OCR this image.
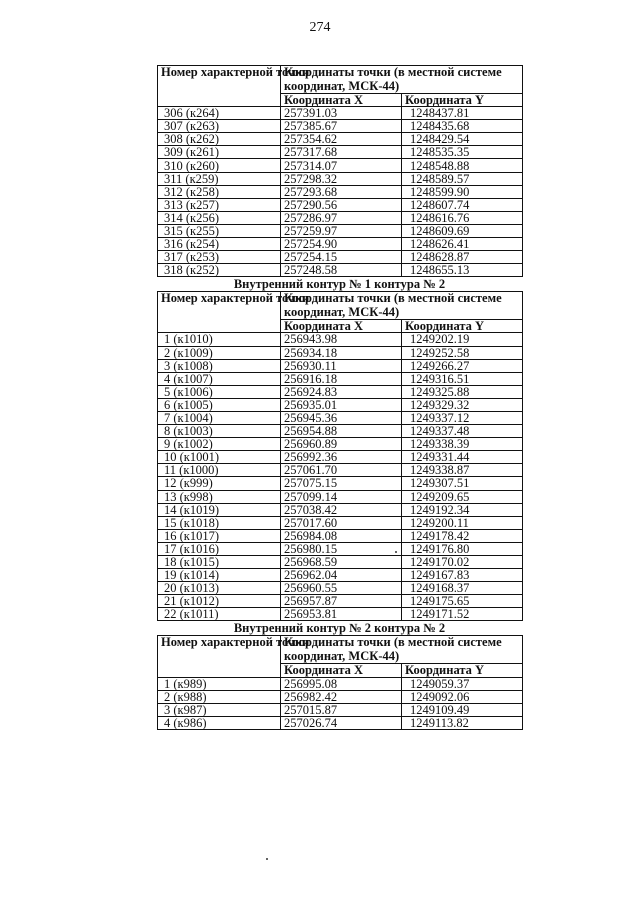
274
Номер характерной точки	Координаты точки (в местной системе координат, МСК-44)	
	Координата X	Координата Y
306 (к264)	257391.03	1248437.81
307 (к263)	257385.67	1248435.68
308 (к262)	257354.62	1248429.54
309 (к261)	257317.68	1248535.35
310 (к260)	257314.07	1248548.88
311 (к259)	257298.32	1248589.57
312 (к258)	257293.68	1248599.90
313 (к257)	257290.56	1248607.74
314 (к256)	257286.97	1248616.76
315 (к255)	257259.97	1248609.69
316 (к254)	257254.90	1248626.41
317 (к253)	257254.15	1248628.87
318 (к252)	257248.58	1248655.13
Внутренний контур № 1 контура № 2
Номер характерной точки	Координаты точки (в местной системе координат, МСК-44)	
	Координата X	Координата Y
1 (к1010)	256943.98	1249202.19
2 (к1009)	256934.18	1249252.58
3 (к1008)	256930.11	1249266.27
4 (к1007)	256916.18	1249316.51
5 (к1006)	256924.83	1249325.88
6 (к1005)	256935.01	1249329.32
7 (к1004)	256945.36	1249337.12
8 (к1003)	256954.88	1249337.48
9 (к1002)	256960.89	1249338.39
10 (к1001)	256992.36	1249331.44
11 (к1000)	257061.70	1249338.87
12 (к999)	257075.15	1249307.51
13 (к998)	257099.14	1249209.65
14 (к1019)	257038.42	1249192.34
15 (к1018)	257017.60	1249200.11
16 (к1017)	256984.08	1249178.42
17 (к1016)	256980.15	1249176.80
18 (к1015)	256968.59	1249170.02
19 (к1014)	256962.04	1249167.83
20 (к1013)	256960.55	1249168.37
21 (к1012)	256957.87	1249175.65
22 (к1011)	256953.81	1249171.52
Внутренний контур № 2 контура № 2
Номер характерной точки	Координаты точки (в местной системе координат, МСК-44)	
	Координата X	Координата Y
1 (к989)	256995.08	1249059.37
2 (к988)	256982.42	1249092.06
3 (к987)	257015.87	1249109.49
4 (к986)	257026.74	1249113.82
